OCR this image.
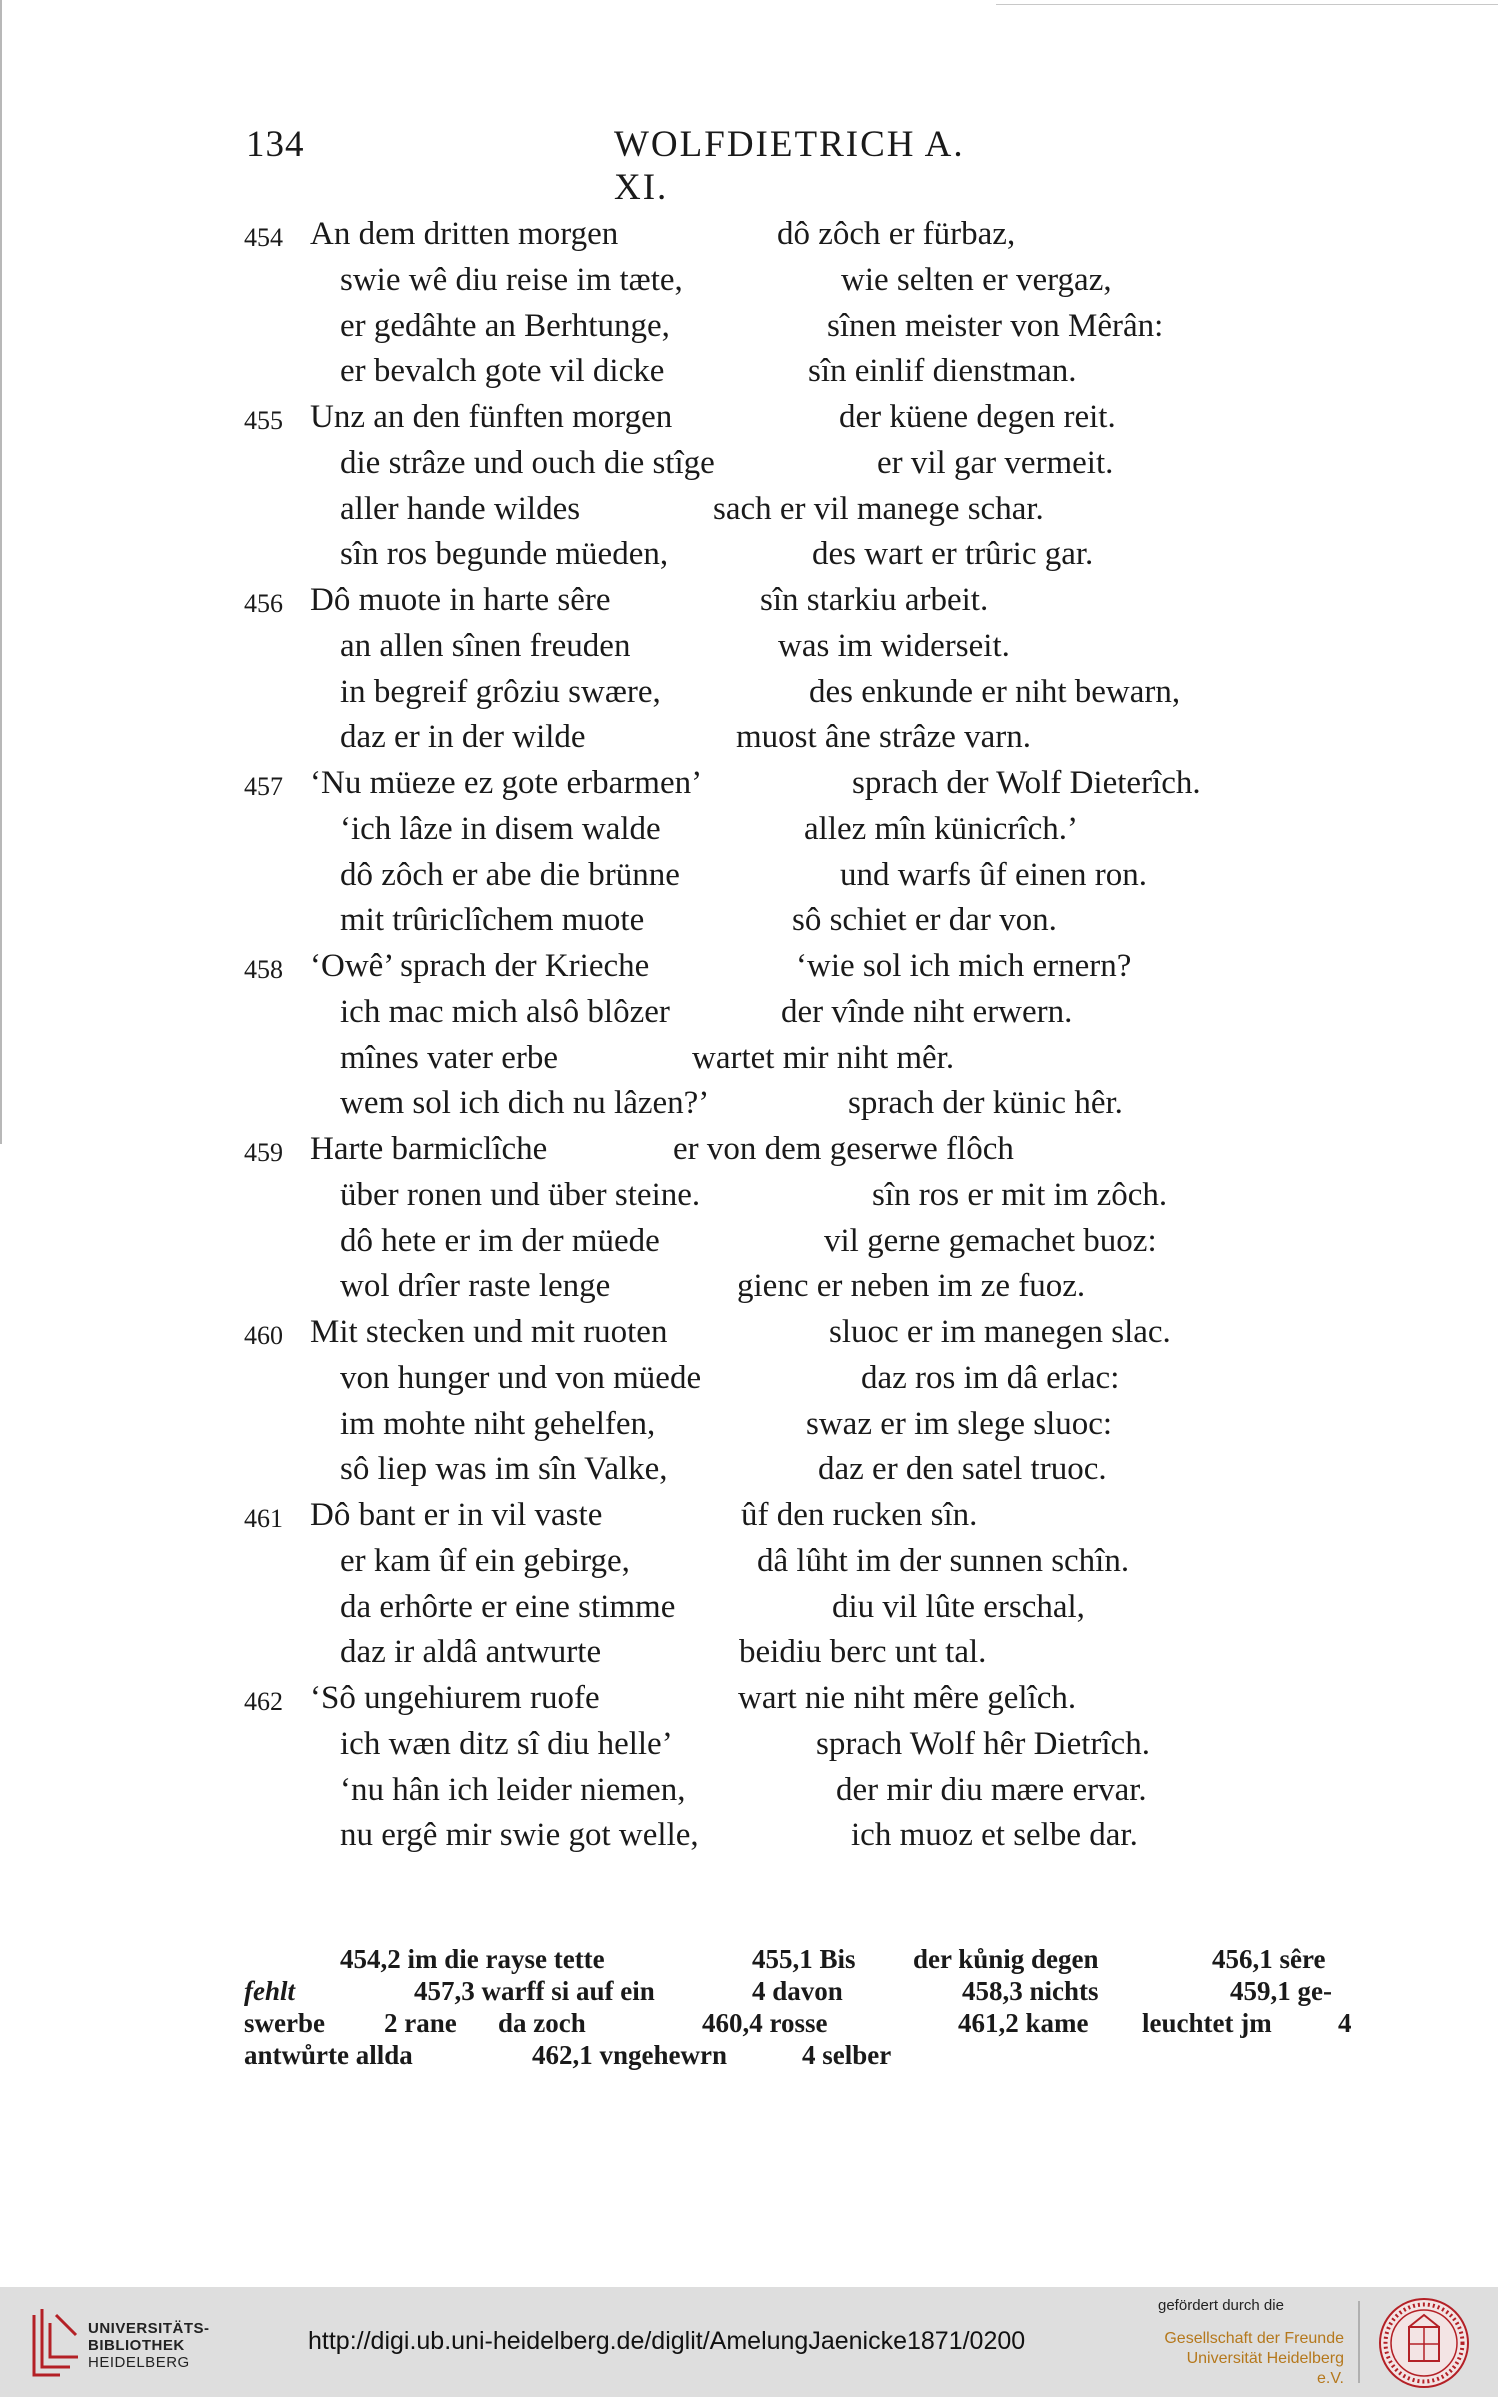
134	WOLFDIETRICH A. XI.
454 An dem dritten morgen	dô zôch er fürbaz,
swie wê diu reise im tæte,	wie selten er vergaz,
er gedâhte an Berhtunge,	sînen meister von Mêrân:
er bevalch gote vil dicke	sîn einlif dienstman.
455 Unz an den fünften morgen	der küene degen reit.
die strâze und ouch die stîge	er vil gar vermeit.
aller hande wildes	sach er vil manege schar.
sîn ros begunde müeden,	des wart er trûric gar.
456 Dô muote in harte sêre	sîn starkiu arbeit.
an allen sînen freuden	was im widerseit.
in begreif grôziu swære,	des enkunde er niht bewarn,
daz er in der wilde	muost âne strâze varn.
457 ‘Nu müeze ez gote erbarmen’	sprach der Wolf Dieterîch.
‘ich lâze in disem walde	allez mîn künicrîch.’
dô zôch er abe die brünne	und warfs ûf einen ron.
mit trûriclîchem muote	sô schiet er dar von.
458 ‘Owê’ sprach der Krieche	‘wie sol ich mich ernern?
ich mac mich alsô blôzer	der vînde niht erwern.
mînes vater erbe	wartet mir niht mêr.
wem sol ich dich nu lâzen?’	sprach der künic hêr.
459 Harte barmiclîche	er von dem geserwe flôch
über ronen und über steine.	sîn ros er mit im zôch.
dô hete er im der müede	vil gerne gemachet buoz:
wol drîer raste lenge	gienc er neben im ze fuoz.
460 Mit stecken und mit ruoten	sluoc er im manegen slac.
von hunger und von müede	daz ros im dâ erlac:
im mohte niht gehelfen,	swaz er im slege sluoc:
sô liep was im sîn Valke,	daz er den satel truoc.
461 Dô bant er in vil vaste	ûf den rucken sîn.
er kam ûf ein gebirge,	dâ lûht im der sunnen schîn.
da erhôrte er eine stimme	diu vil lûte erschal,
daz ir aldâ antwurte	beidiu berc unt tal.
462 ‘Sô ungehiurem ruofe	wart nie niht mêre gelîch.
ich wæn ditz sî diu helle’	sprach Wolf hêr Dietrîch.
‘nu hân ich leider niemen,	der mir diu mære ervar.
nu ergê mir swie got welle,	ich muoz et selbe dar.
454,2 im die rayse tette	455,1 Bis der kůnig degen	456,1 sêre
fehlt	457,3 warff si auf ein	4 davon	458,3 nichts	459,1 ge-
swerbe 2 rane da zoch	460,4 rosse	461,2 kame leuchtet jm 4
antwůrte allda	462,1 vngehewrn	4 selber
UNIVERSITÄTS-
BIBLIOTHEK
HEIDELBERG
http://digi.ub.uni-heidelberg.de/diglit/AmelungJaenicke1871/0200
gefördert durch die
Gesellschaft der Freunde
Universität Heidelberg e.V.
